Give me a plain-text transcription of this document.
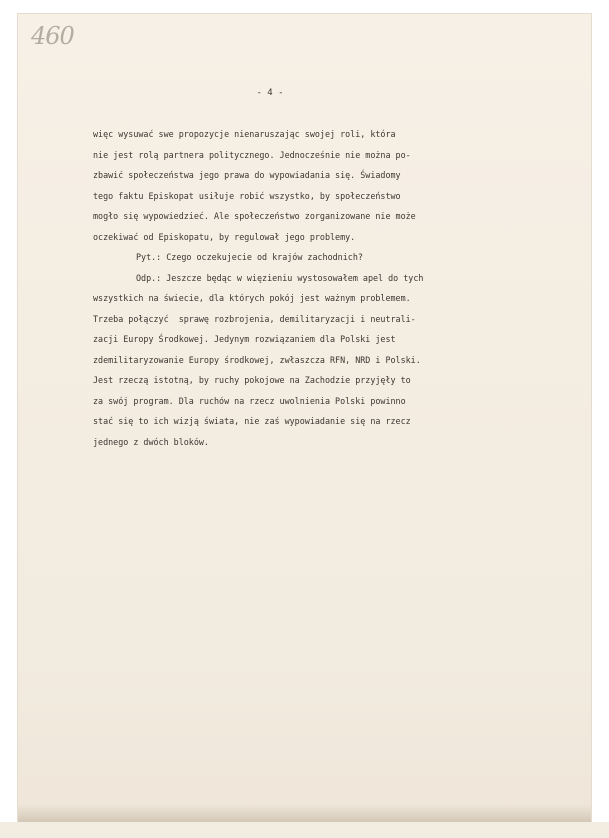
460
- 4 -
więc wysuwać swe propozycje nienaruszając swojej roli, która
nie jest rolą partnera politycznego. Jednocześnie nie można po-
zbawić społeczeństwa jego prawa do wypowiadania się. Świadomy
tego faktu Episkopat usiłuje robić wszystko, by społeczeństwo
mogło się wypowiedzieć. Ale społeczeństwo zorganizowane nie może
oczekiwać od Episkopatu, by regulował jego problemy.
Pyt.: Czego oczekujecie od krajów zachodnich?
Odp.: Jeszcze będąc w więzieniu wystosowałem apel do tych
wszystkich na świecie, dla których pokój jest ważnym problemem.
Trzeba połączyć  sprawę rozbrojenia, demilitaryzacji i neutrali-
zacji Europy Środkowej. Jedynym rozwiązaniem dla Polski jest
zdemilitaryzowanie Europy środkowej, zwłaszcza RFN, NRD i Polski.
Jest rzeczą istotną, by ruchy pokojowe na Zachodzie przyjęły to
za swój program. Dla ruchów na rzecz uwolnienia Polski powinno
stać się to ich wizją świata, nie zaś wypowiadanie się na rzecz
jednego z dwóch bloków.
